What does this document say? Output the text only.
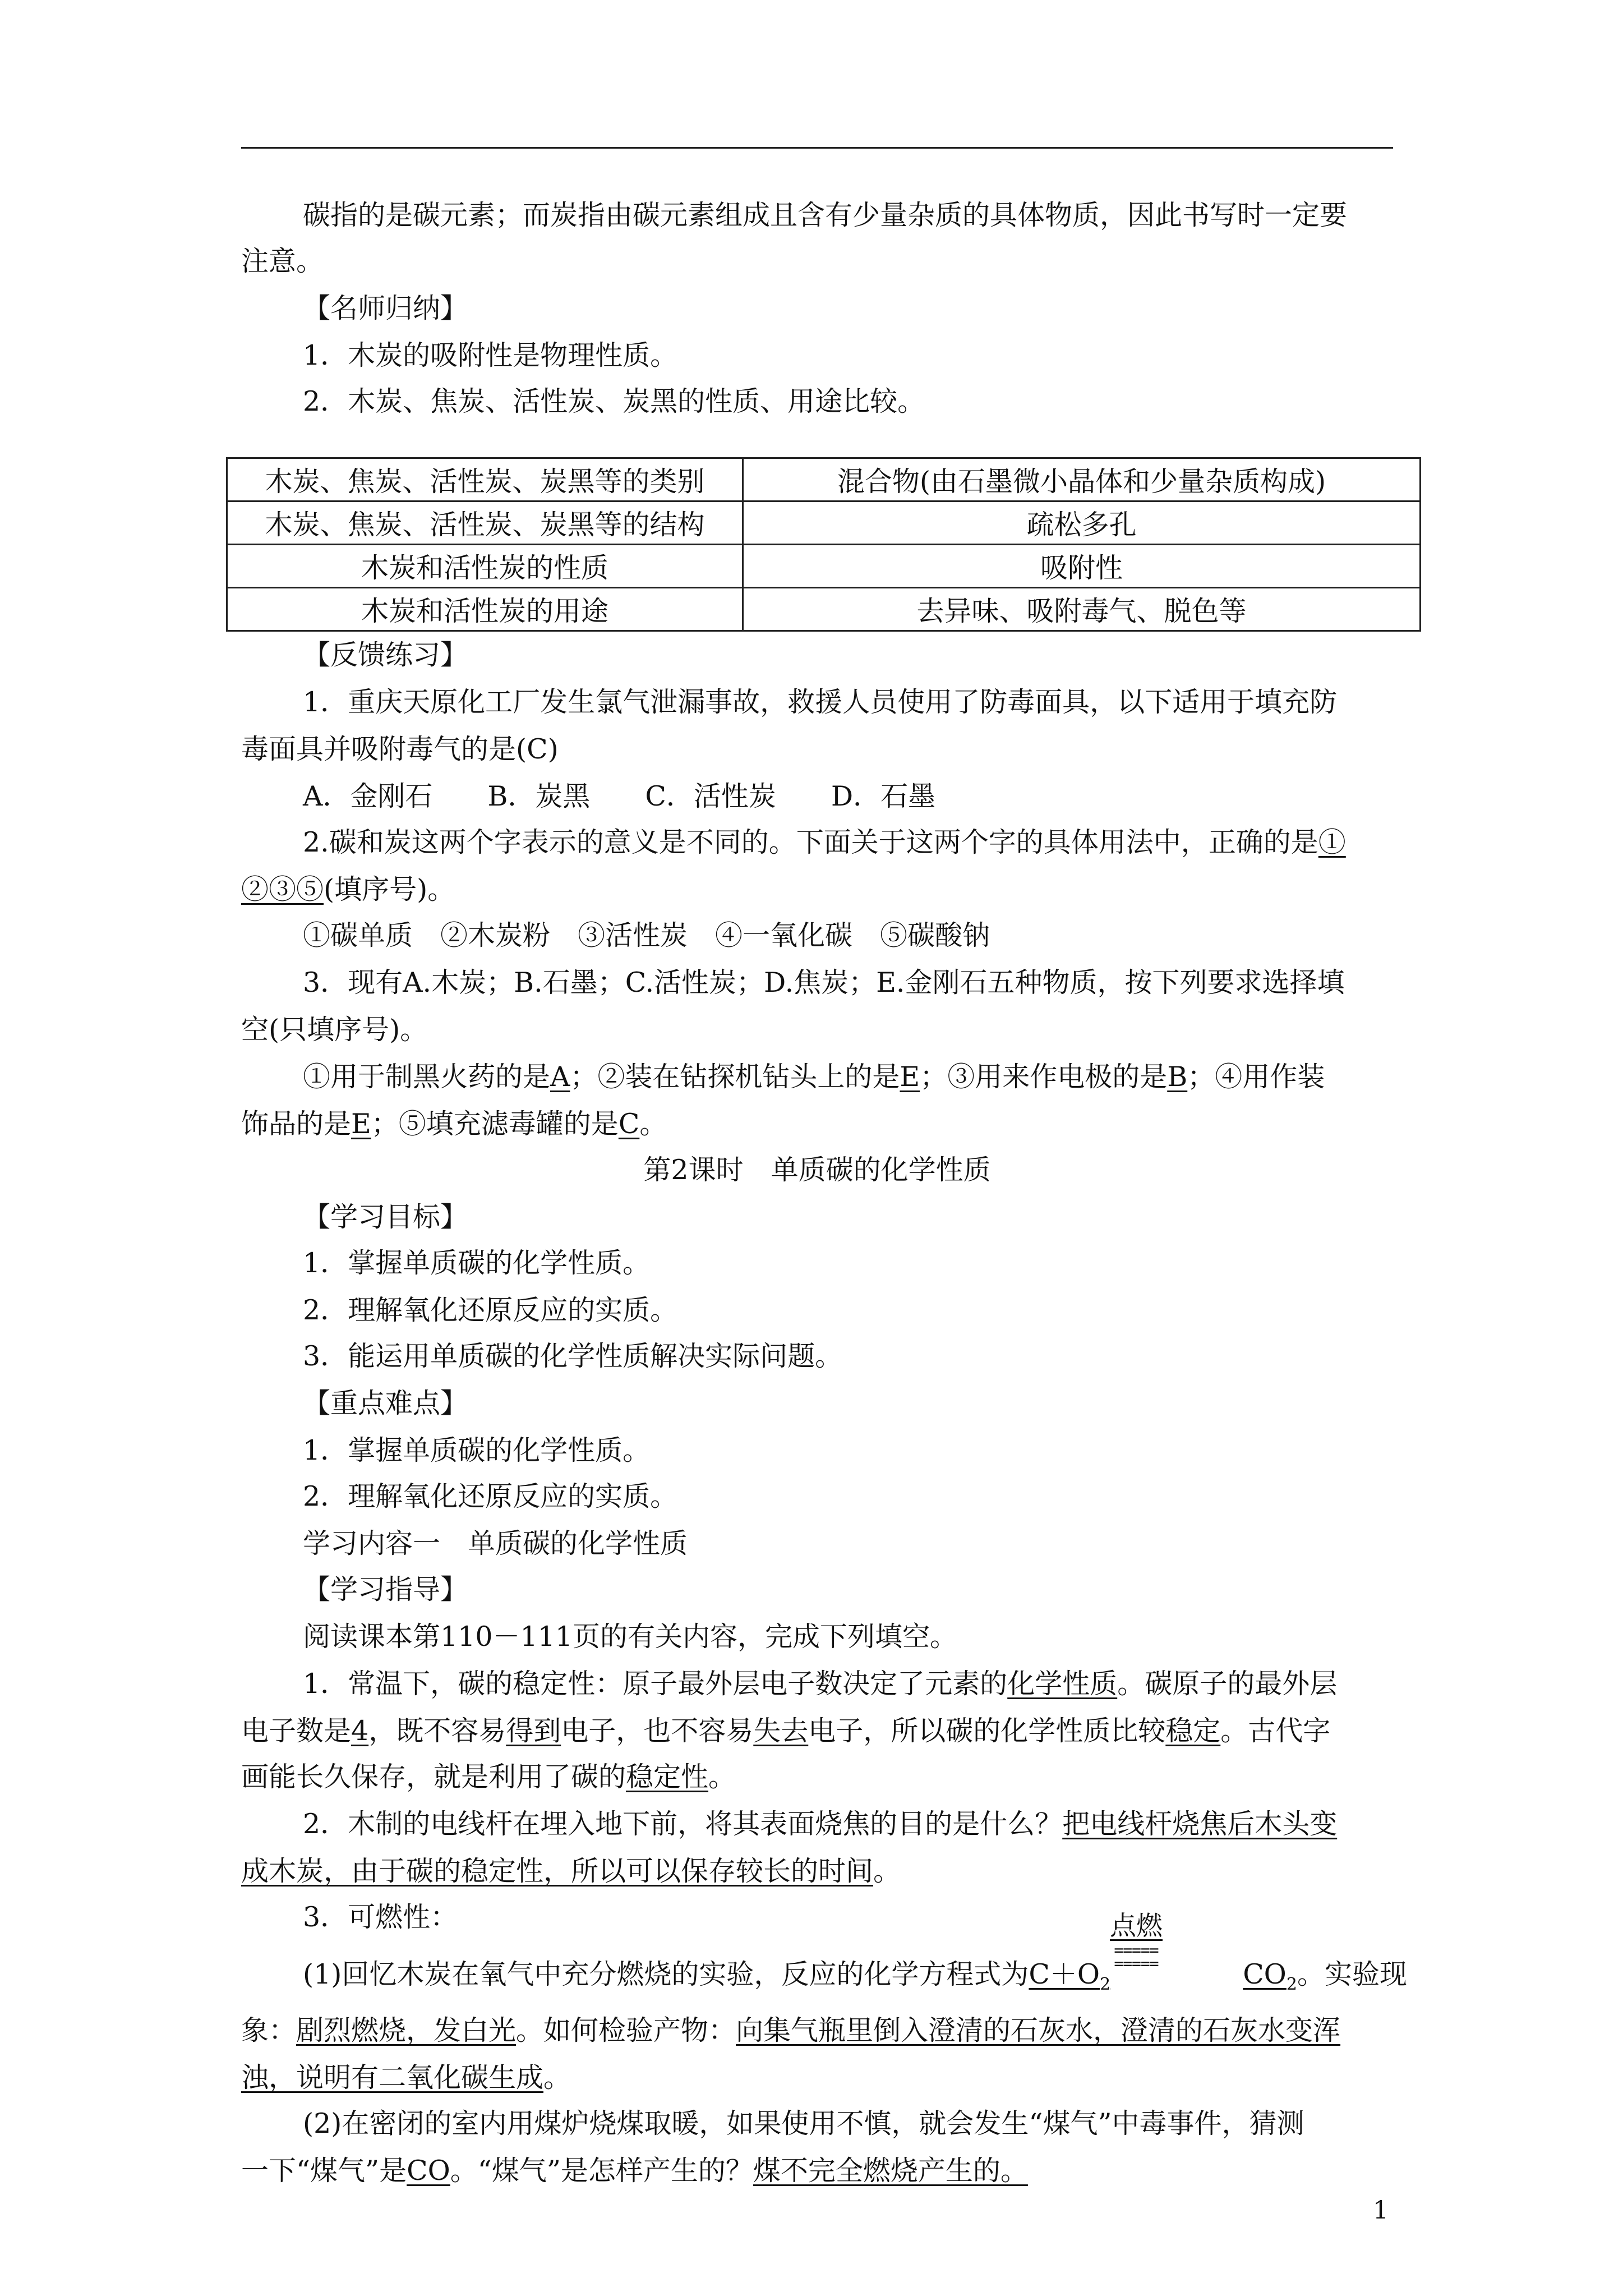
碳指的是碳元素；而炭指由碳元素组成且含有少量杂质的具体物质，因此书写时一定要
注意。
【名师归纳】
1．木炭的吸附性是物理性质。
2．木炭、焦炭、活性炭、炭黑的性质、用途比较。
木炭、焦炭、活性炭、炭黑等的类别	混合物(由石墨微小晶体和少量杂质构成)
木炭、焦炭、活性炭、炭黑等的结构	疏松多孔
木炭和活性炭的性质	吸附性
木炭和活性炭的用途	去异味、吸附毒气、脱色等
【反馈练习】
1．重庆天原化工厂发生氯气泄漏事故，救援人员使用了防毒面具，以下适用于填充防
毒面具并吸附毒气的是(C)
A．金刚石　　B．炭黑　　C．活性炭　　D．石墨
2.碳和炭这两个字表示的意义是不同的。下面关于这两个字的具体用法中，正确的是①
②③⑤(填序号)。
①碳单质　②木炭粉　③活性炭　④一氧化碳　⑤碳酸钠
3．现有A.木炭；B.石墨；C.活性炭；D.焦炭；E.金刚石五种物质，按下列要求选择填
空(只填序号)。
①用于制黑火药的是A；②装在钻探机钻头上的是E；③用来作电极的是B；④用作装
饰品的是E；⑤填充滤毒罐的是C。
第2课时　单质碳的化学性质
【学习目标】
1．掌握单质碳的化学性质。
2．理解氧化还原反应的实质。
3．能运用单质碳的化学性质解决实际问题。
【重点难点】
1．掌握单质碳的化学性质。
2．理解氧化还原反应的实质。
学习内容一　单质碳的化学性质
【学习指导】
阅读课本第110－111页的有关内容，完成下列填空。
1．常温下，碳的稳定性：原子最外层电子数决定了元素的化学性质。碳原子的最外层
电子数是4，既不容易得到电子，也不容易失去电子，所以碳的化学性质比较稳定。古代字
画能长久保存，就是利用了碳的稳定性。
2．木制的电线杆在埋入地下前，将其表面烧焦的目的是什么？把电线杆烧焦后木头变
成木炭，由于碳的稳定性，所以可以保存较长的时间。
3．可燃性：
(1)回忆木炭在氧气中充分燃烧的实验，反应的化学方程式为$C+O_2$	$CO_2$。实验现
点燃
=====
=====
象：剧烈燃烧，发白光。如何检验产物：向集气瓶里倒入澄清的石灰水，澄清的石灰水变浑
浊，说明有二氧化碳生成。
(2)在密闭的室内用煤炉烧煤取暖，如果使用不慎，就会发生“煤气”中毒事件，猜测
一下“煤气”是CO。“煤气”是怎样产生的？煤不完全燃烧产生的。
1
